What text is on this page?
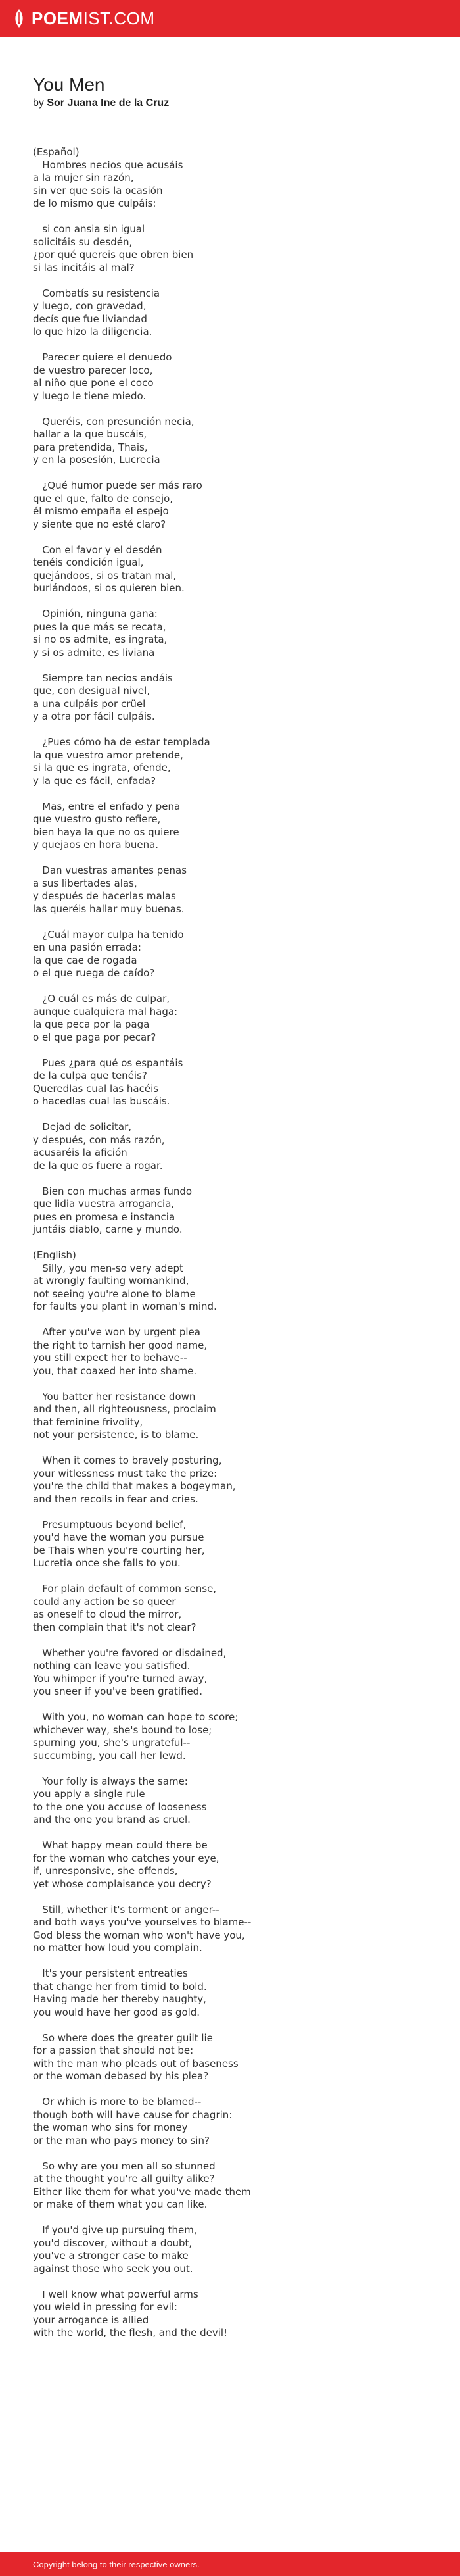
POEMIST.COM
You Men
by Sor Juana Ine de la Cruz
(Español)
Hombres necios que acusáis
a la mujer sin razón,
sin ver que sois la ocasión
de lo mismo que culpáis:

si con ansia sin igual
solicitáis su desdén,
¿por qué quereis que obren bien
si las incitáis al mal?

Combatís su resistencia
y luego, con gravedad,
decís que fue liviandad
lo que hizo la diligencia.

Parecer quiere el denuedo
de vuestro parecer loco,
al niño que pone el coco
y luego le tiene miedo.

Queréis, con presunción necia,
hallar a la que buscáis,
para pretendida, Thais,
y en la posesión, Lucrecia

¿Qué humor puede ser más raro
que el que, falto de consejo,
él mismo empaña el espejo
y siente que no esté claro?

Con el favor y el desdén
tenéis condición igual,
quejándoos, si os tratan mal,
burlándoos, si os quieren bien.

Opinión, ninguna gana:
pues la que más se recata,
si no os admite, es ingrata,
y si os admite, es liviana

Siempre tan necios andáis
que, con desigual nivel,
a una culpáis por crüel
y a otra por fácil culpáis.

¿Pues cómo ha de estar templada
la que vuestro amor pretende,
si la que es ingrata, ofende,
y la que es fácil, enfada?

Mas, entre el enfado y pena
que vuestro gusto refiere,
bien haya la que no os quiere
y quejaos en hora buena.

Dan vuestras amantes penas
a sus libertades alas,
y después de hacerlas malas
las queréis hallar muy buenas.

¿Cuál mayor culpa ha tenido
en una pasión errada:
la que cae de rogada
o el que ruega de caído?

¿O cuál es más de culpar,
aunque cualquiera mal haga:
la que peca por la paga
o el que paga por pecar?

Pues ¿para qué os espantáis
de la culpa que tenéis?
Queredlas cual las hacéis
o hacedlas cual las buscáis.

Dejad de solicitar,
y después, con más razón,
acusaréis la afición
de la que os fuere a rogar.

Bien con muchas armas fundo
que lidia vuestra arrogancia,
pues en promesa e instancia
juntáis diablo, carne y mundo.

(English)
Silly, you men-so very adept
at wrongly faulting womankind,
not seeing you're alone to blame
for faults you plant in woman's mind.

After you've won by urgent plea
the right to tarnish her good name,
you still expect her to behave--
you, that coaxed her into shame.

You batter her resistance down
and then, all righteousness, proclaim
that feminine frivolity,
not your persistence, is to blame.

When it comes to bravely posturing,
your witlessness must take the prize:
you're the child that makes a bogeyman,
and then recoils in fear and cries.

Presumptuous beyond belief,
you'd have the woman you pursue
be Thais when you're courting her,
Lucretia once she falls to you.

For plain default of common sense,
could any action be so queer
as oneself to cloud the mirror,
then complain that it's not clear?

Whether you're favored or disdained,
nothing can leave you satisfied.
You whimper if you're turned away,
you sneer if you've been gratified.

With you, no woman can hope to score;
whichever way, she's bound to lose;
spurning you, she's ungrateful--
succumbing, you call her lewd.

Your folly is always the same:
you apply a single rule
to the one you accuse of looseness
and the one you brand as cruel.

What happy mean could there be
for the woman who catches your eye,
if, unresponsive, she offends,
yet whose complaisance you decry?

Still, whether it's torment or anger--
and both ways you've yourselves to blame--
God bless the woman who won't have you,
no matter how loud you complain.

It's your persistent entreaties
that change her from timid to bold.
Having made her thereby naughty,
you would have her good as gold.

So where does the greater guilt lie
for a passion that should not be:
with the man who pleads out of baseness
or the woman debased by his plea?

Or which is more to be blamed--
though both will have cause for chagrin:
the woman who sins for money
or the man who pays money to sin?

So why are you men all so stunned
at the thought you're all guilty alike?
Either like them for what you've made them
or make of them what you can like.

If you'd give up pursuing them,
you'd discover, without a doubt,
you've a stronger case to make
against those who seek you out.

I well know what powerful arms
you wield in pressing for evil:
your arrogance is allied
with the world, the flesh, and the devil!
Copyright belong to their respective owners.
